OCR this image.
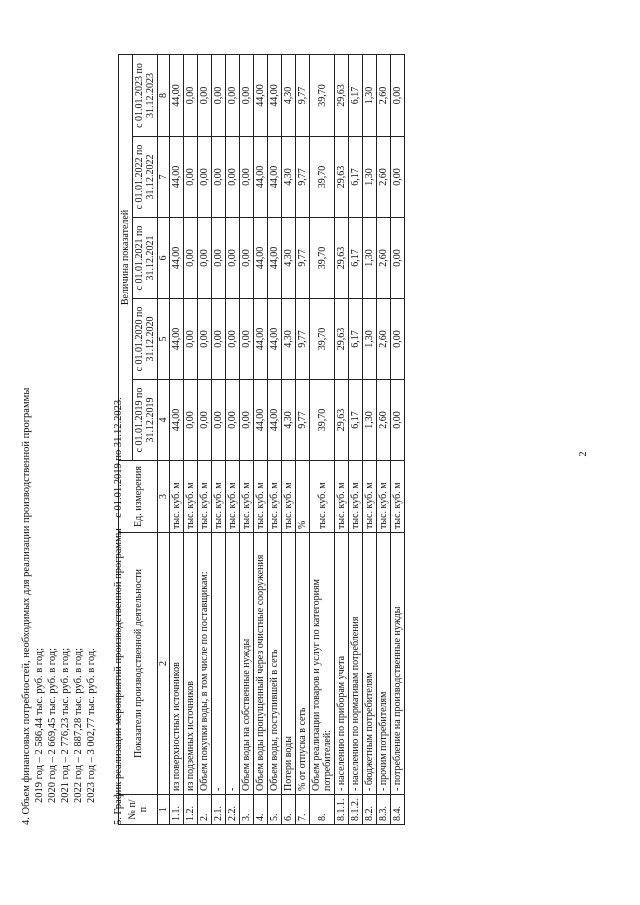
2
№ п/п	Показатели производственной деятельности	Ед. измерения	Величина показателей				
			с 01.01.2019 по 31.12.2019	с 01.01.2020 по 31.12.2020	с 01.01.2021 по 31.12.2021	с 01.01.2022 по 31.12.2022	с 01.01.2023 по 31.12.2023
1	2	3	4	5	6	7	8
1.1.	из поверхностных источников	тыс. куб. м	44,00	44,00	44,00	44,00	44,00
1.2.	из подземных источников	тыс. куб. м	0,00	0,00	0,00	0,00	0,00
2.	Объем покупки воды, в том числе по поставщикам:	тыс. куб. м	0,00	0,00	0,00	0,00	0,00
2.1.	-	тыс. куб. м	0,00	0,00	0,00	0,00	0,00
2.2.	-	тыс. куб. м	0,00	0,00	0,00	0,00	0,00
3.	Объем воды на собственные нужды	тыс. куб. м	0,00	0,00	0,00	0,00	0,00
4.	Объем воды пропущенный через очистные сооружения	тыс. куб. м	44,00	44,00	44,00	44,00	44,00
5.	Объем воды, поступившей в сеть	тыс. куб. м	44,00	44,00	44,00	44,00	44,00
6.	Потери воды	тыс. куб. м	4,30	4,30	4,30	4,30	4,30
7.	% от отпуска в сеть	%	9,77	9,77	9,77	9,77	9,77
8.	Объем реализации товаров и услуг по категориям потребителей:	тыс. куб. м	39,70	39,70	39,70	39,70	39,70
8.1.1.	- населению по приборам учета	тыс. куб. м	29,63	29,63	29,63	29,63	29,63
8.1.2.	- населению по нормативам потребления	тыс. куб. м	6,17	6,17	6,17	6,17	6,17
8.2.	- бюджетным потребителям	тыс. куб. м	1,30	1,30	1,30	1,30	1,30
8.3.	- прочим потребителям	тыс. куб. м	2,60	2,60	2,60	2,60	2,60
8.4.	- потребление на производственные нужды	тыс. куб. м	0,00	0,00	0,00	0,00	0,00
4. Объем финансовых потребностей, необходимых для реализации производственной программы 2019 год – 2 586,44 тыс. руб. в год; 2020 год – 2 669,45 тыс. руб. в год; 2021 год – 2 776,23 тыс. руб. в год; 2022 год – 2 887,28 тыс. руб. в год; 2023 год – 3 002,77 тыс. руб. в год. 5. График реализации мероприятий производственной программы – с 01.01.2019 по 31.12.2023.
